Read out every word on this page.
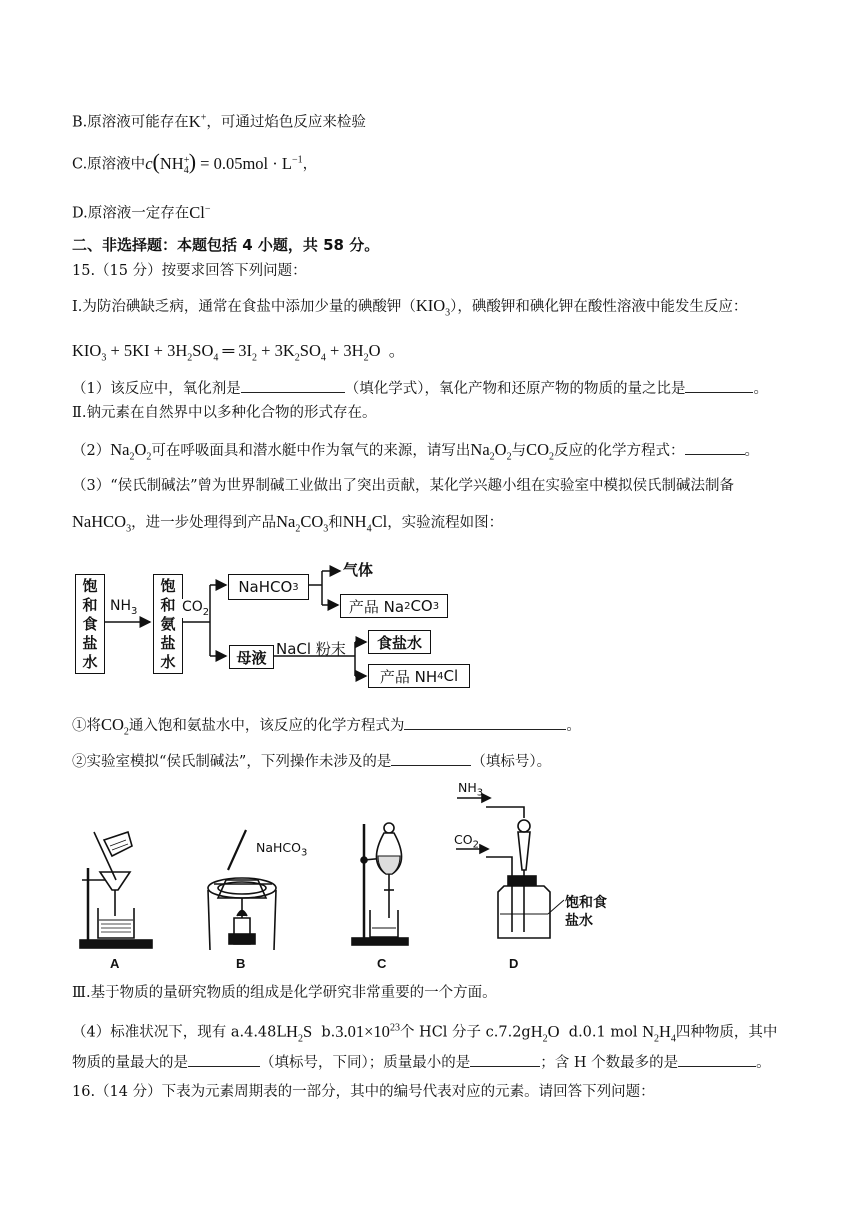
B.原溶液可能存在K+，可通过焰色反应来检验
C.原溶液中c(NH $_{+ 4}) = 0.05mol \cdot L^{-1}$，
D.原溶液一定存在Cl−
二、非选择题：本题包括 4 小题，共 58 分。
15.（15 分）按要求回答下列问题：
Ⅰ.为防治碘缺乏病，通常在食盐中添加少量的碘酸钾$(KIO_3)$，碘酸钾和碘化钾在酸性溶液中能发生反应：
$KIO_3 + 5KI + 3H_2SO_4$ ═ $3I_2 + 3K_2SO_4 + 3H_2O$  。
（1）该反应中，氧化剂是	（填化学式），氧化产物和还原产物的物质的量之比是	。
Ⅱ.钠元素在自然界中以多种化合物的形式存在。
$(2)Na_2O_2$可在呼吸面具和潜水艇中作为氧气的来源，请写出$Na_2O_2$与$CO_2$反应的化学方程式：	。
（3）“侯氏制碱法”曾为世界制碱工业做出了突出贡献，某化学兴趣小组在实验室中模拟侯氏制碱法制备
NaHCO$_3$，进一步处理得到产品$Na_2CO_3$和$NH_4Cl$，实验流程如图：
饱
和
食
盐
水
$NH_3$
饱
和
氨
盐
水
$CO_2$
NaHCO 3
气体
产品 Na 2 CO 3
母液 NaCl 粉末	食盐水
产品 NH 4 Cl
①将$CO_2$通入饱和氨盐水中，该反应的化学方程式为	。
②实验室模拟“侯氏制碱法”，下列操作未涉及的是	（填标号）。
A	B	C	D
NaHCO$_3$
$NH_3$
$CO_2$
饱和食
盐水
Ⅲ.基于物质的量研究物质的组成是化学研究非常重要的一个方面。
（4）标准状况下，现有 $a.4.48LH_2S$ $b.3.01\times 10^{23}$个 HCl 分子 $c.7.2gH_2O$ d.0.1 mol $N_2H_4$四种物质，其中
物质的量最大的是	（填标号，下同）；质量最小的是	；含 H 个数最多的是	。
16.（14 分）下表为元素周期表的一部分，其中的编号代表对应的元素。请回答下列问题：
